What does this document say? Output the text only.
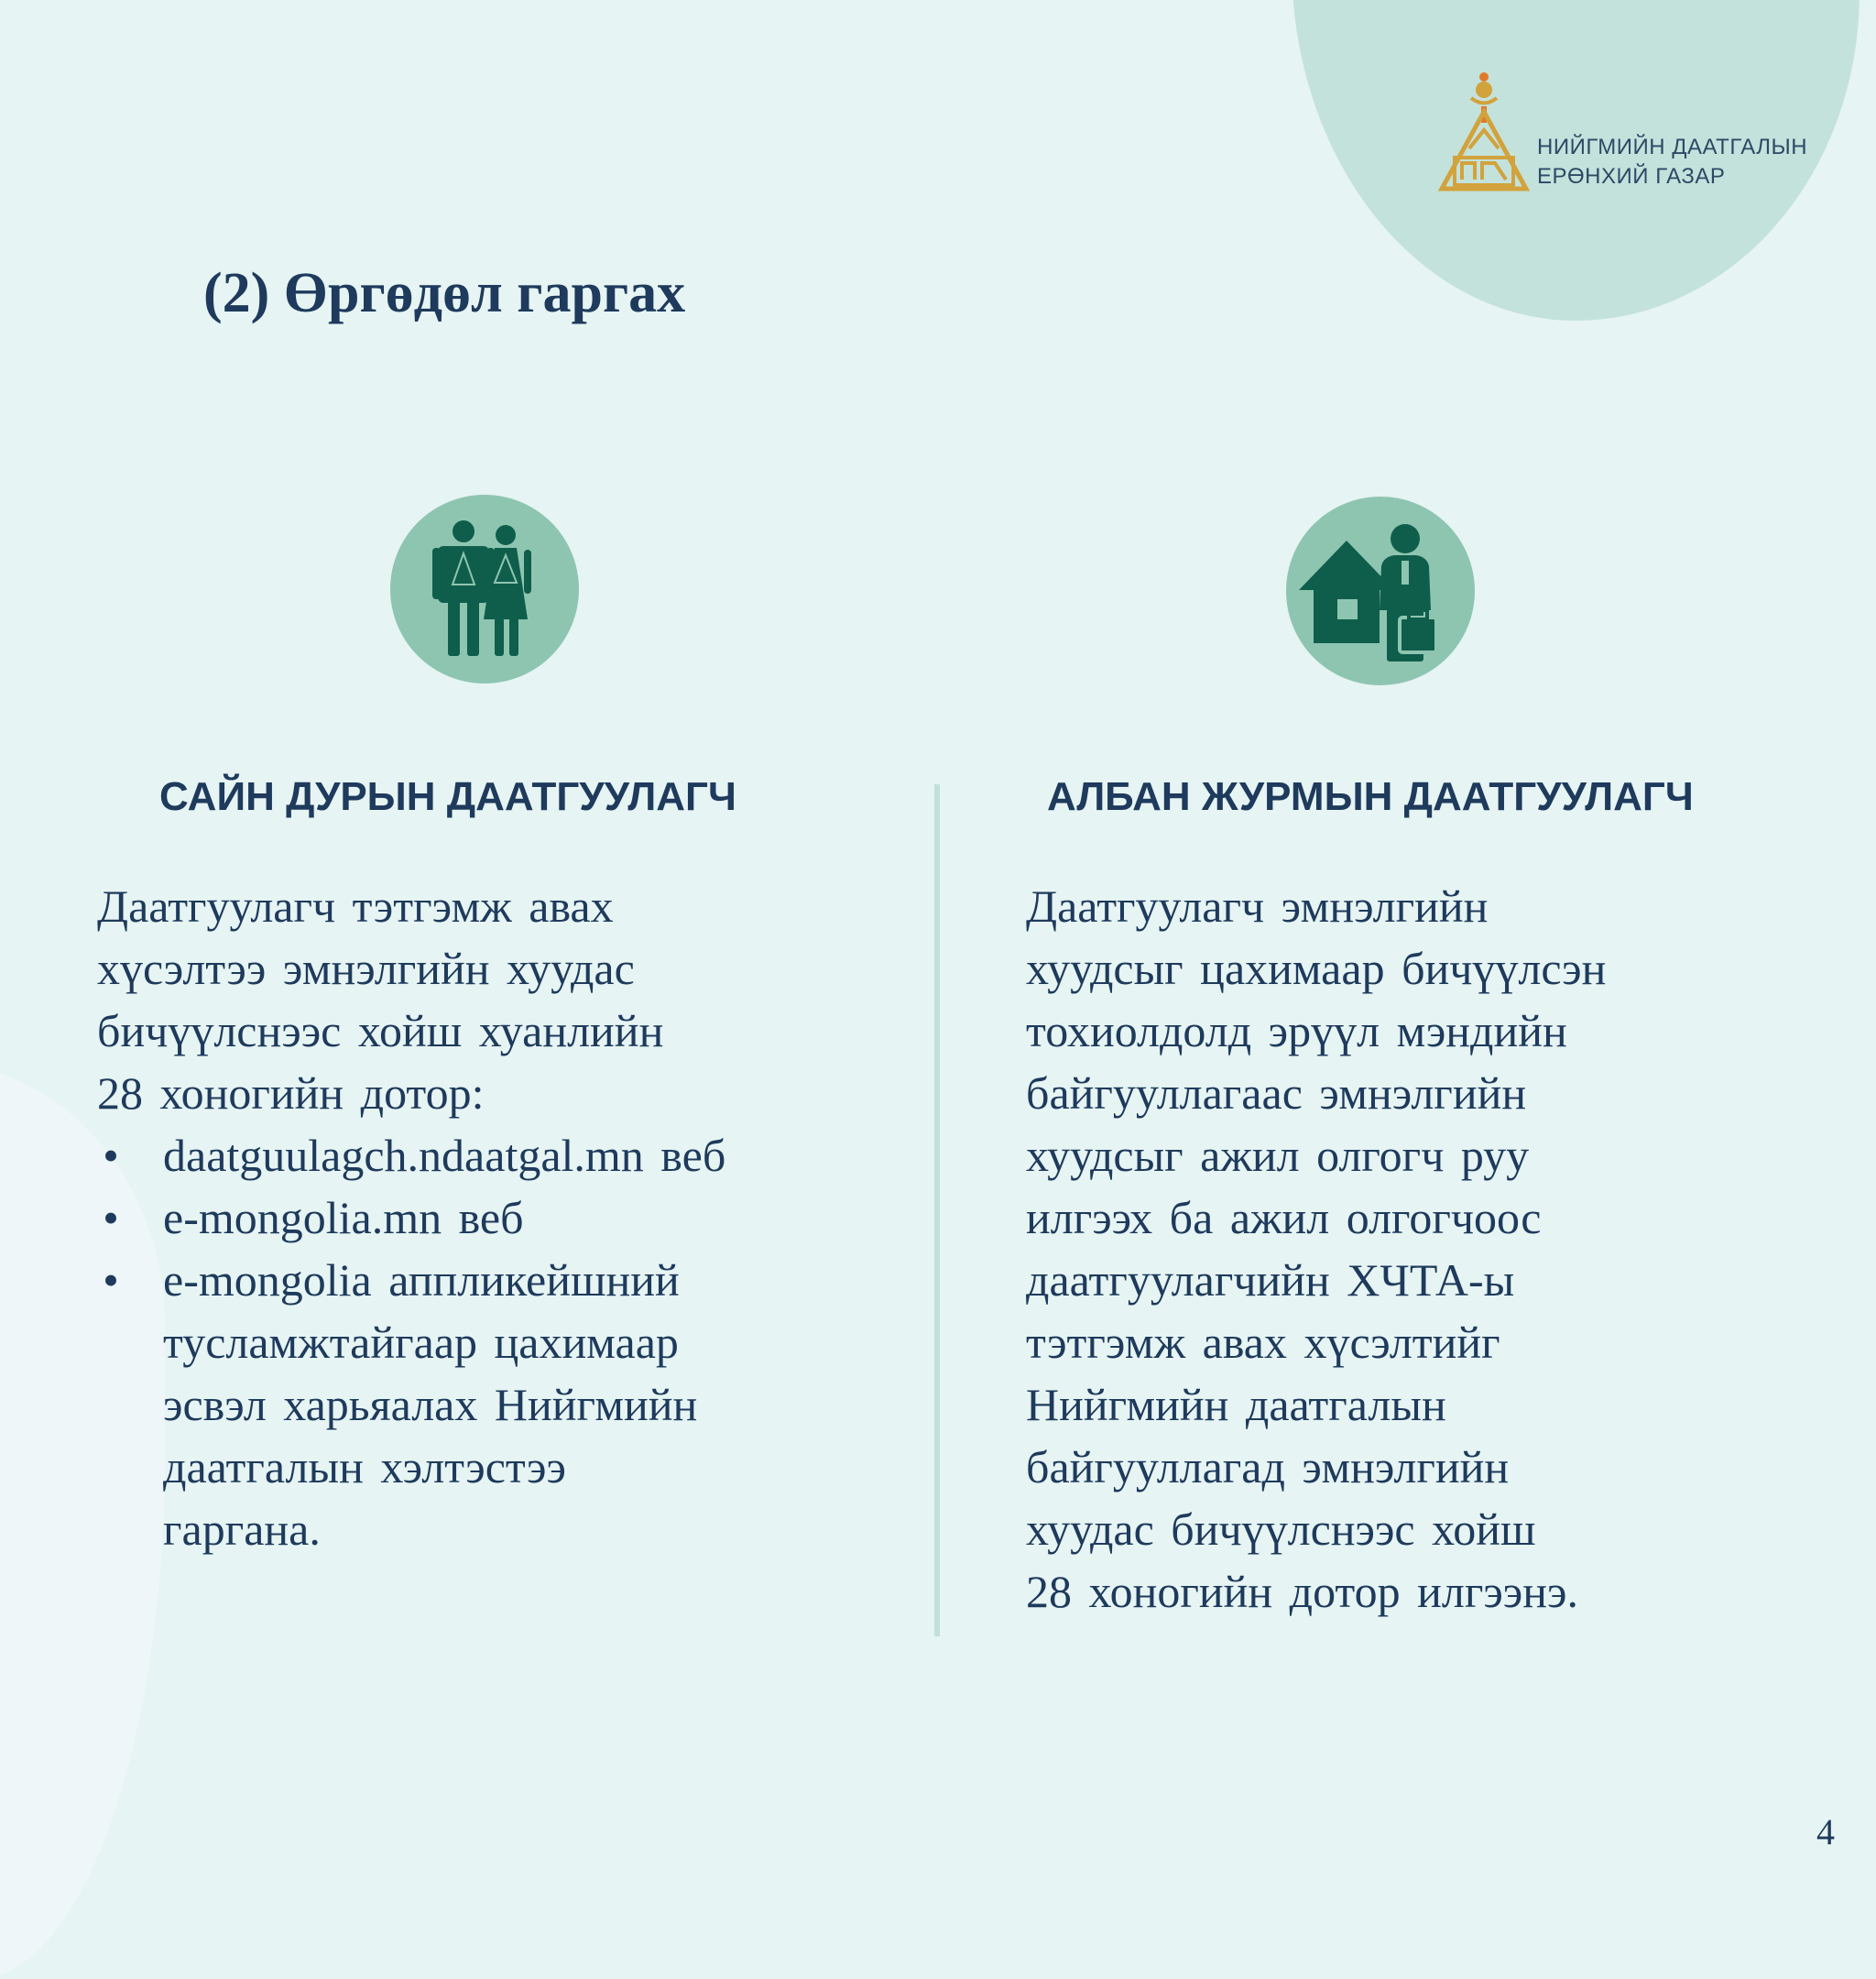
НИЙГМИЙН ДААТГАЛЫН
ЕРӨНХИЙ ГАЗАР
(2) Өргөдөл гаргах
САЙН ДУРЫН ДААТГУУЛАГЧ	АЛБАН ЖУРМЫН ДААТГУУЛАГЧ
Даатгуулагч тэтгэмж авах
хүсэлтээ эмнэлгийн хуудас
бичүүлснээс хойш хуанлийн
28 хоногийн дотор:
• daatguulagch.ndaatgal.mn веб
• e-mongolia.mn веб
• e-mongolia аппликейшний
тусламжтайгаар цахимаар
эсвэл харьяалах Нийгмийн
даатгалын хэлтэстээ
гаргана.
Даатгуулагч эмнэлгийн
хуудсыг цахимаар бичүүлсэн
тохиолдолд эрүүл мэндийн
байгууллагаас эмнэлгийн
хуудсыг ажил олгогч руу
илгээх ба ажил олгогчоос
даатгуулагчийн ХЧТА-ы
тэтгэмж авах хүсэлтийг
Нийгмийн даатгалын
байгууллагад эмнэлгийн
хуудас бичүүлснээс хойш
28 хоногийн дотор илгээнэ.
4
